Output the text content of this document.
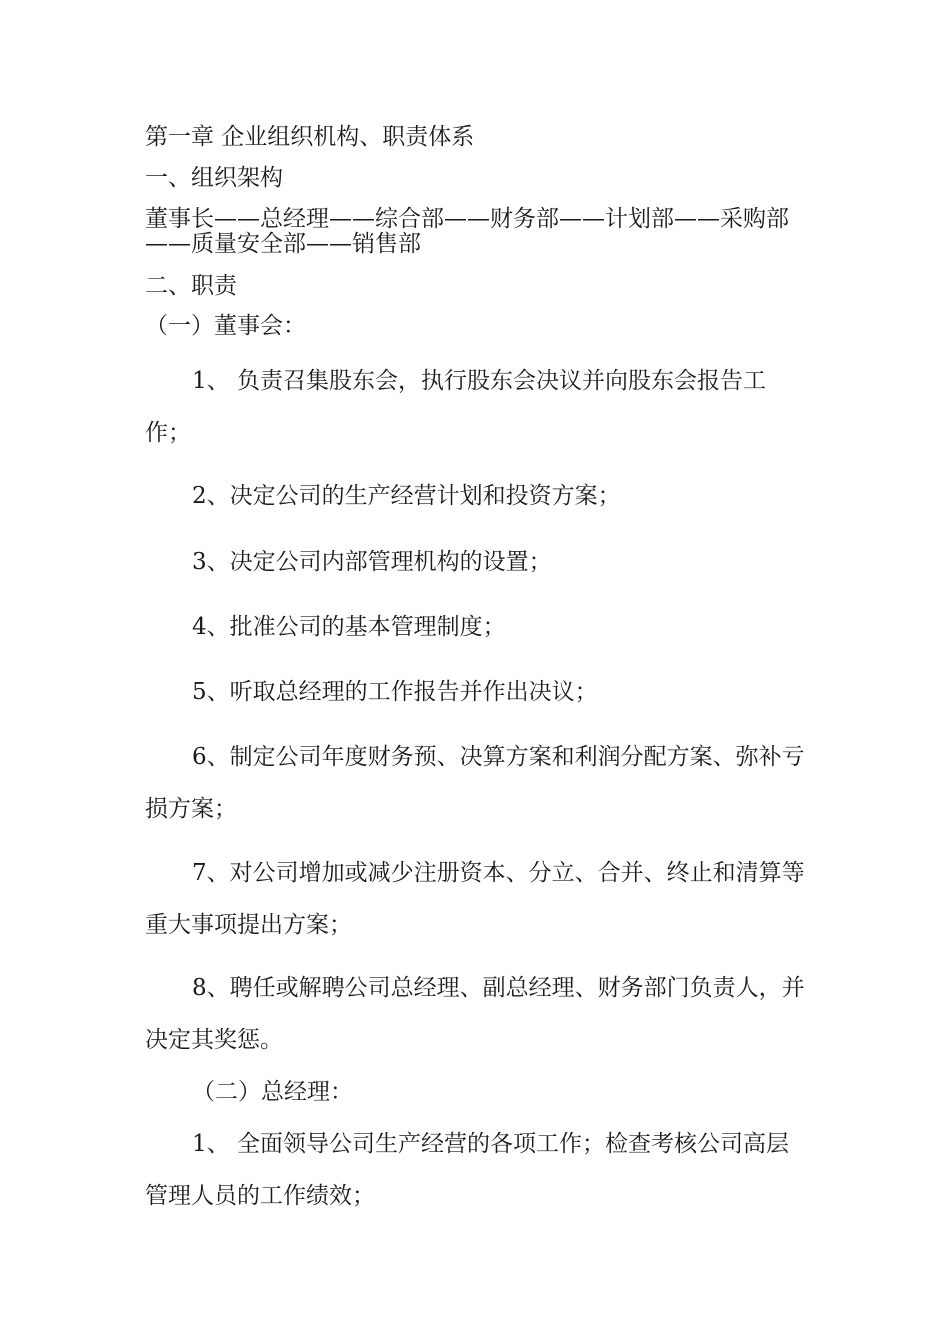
第一章 企业组织机构、职责体系

一、组织架构

董事长——总经理——综合部——财务部——计划部——采购部——质量安全部——销售部

二、职责

（一）董事会：

1、 负责召集股东会，执行股东会决议并向股东会报告工作；

2、决定公司的生产经营计划和投资方案；

3、决定公司内部管理机构的设置；

4、批准公司的基本管理制度；

5、听取总经理的工作报告并作出决议；

6、制定公司年度财务预、决算方案和利润分配方案、弥补亏损方案；

7、对公司增加或减少注册资本、分立、合并、终止和清算等重大事项提出方案；

8、聘任或解聘公司总经理、副总经理、财务部门负责人，并决定其奖惩。

（二）总经理：

1、 全面领导公司生产经营的各项工作；检查考核公司高层管理人员的工作绩效；
